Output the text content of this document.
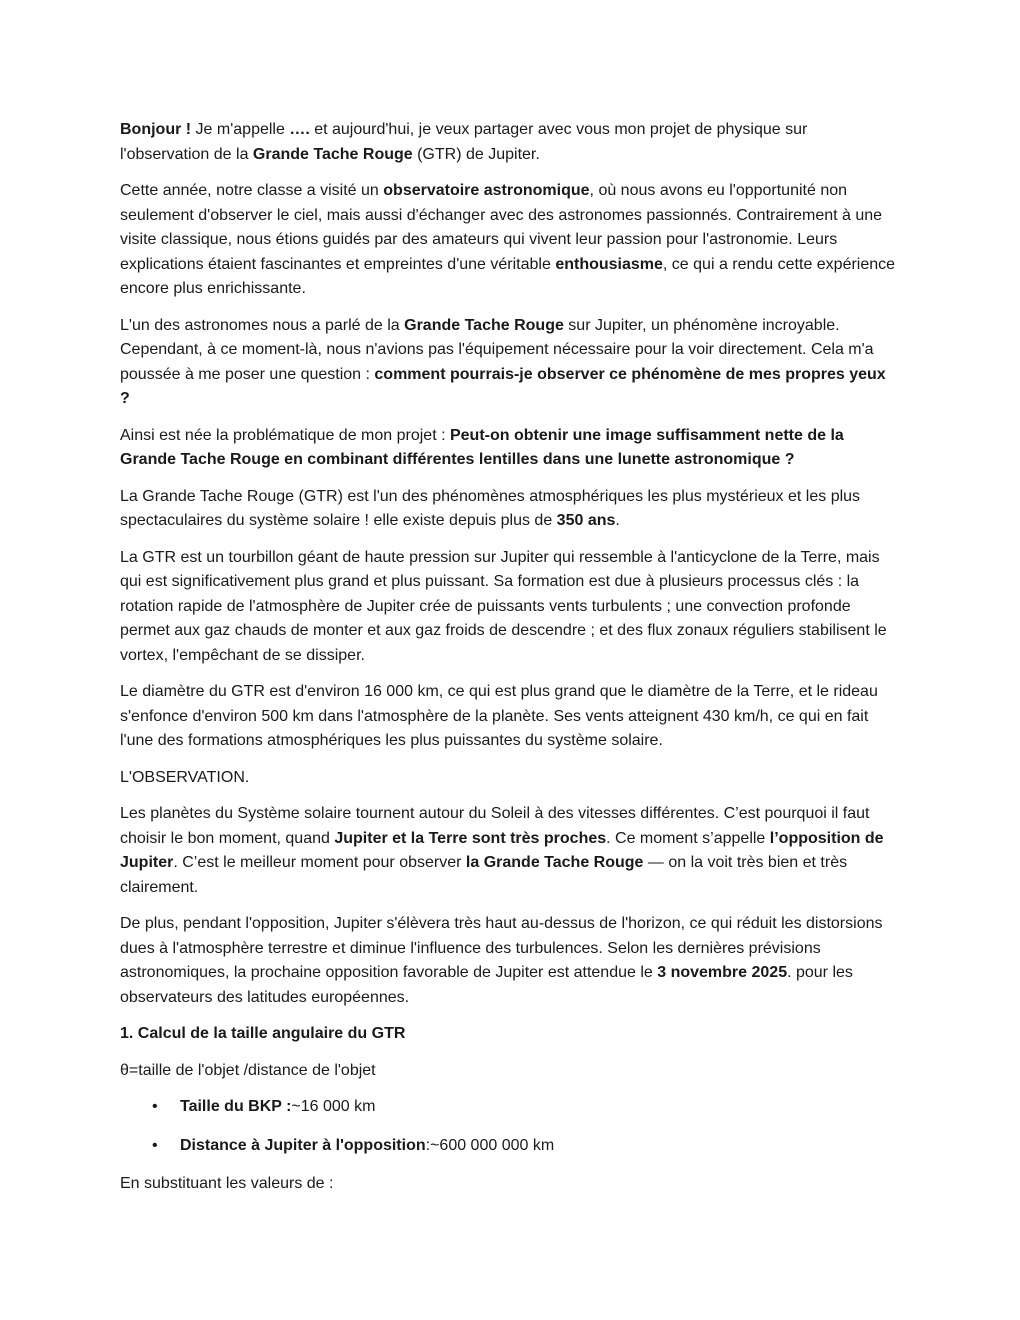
Bonjour ! Je m'appelle …. et aujourd'hui, je veux partager avec vous mon projet de physique sur l'observation de la Grande Tache Rouge (GTR) de Jupiter.

Cette année, notre classe a visité un observatoire astronomique, où nous avons eu l'opportunité non seulement d'observer le ciel, mais aussi d'échanger avec des astronomes passionnés. Contrairement à une visite classique, nous étions guidés par des amateurs qui vivent leur passion pour l'astronomie. Leurs explications étaient fascinantes et empreintes d'une véritable enthousiasme, ce qui a rendu cette expérience encore plus enrichissante.

L'un des astronomes nous a parlé de la Grande Tache Rouge sur Jupiter, un phénomène incroyable. Cependant, à ce moment-là, nous n'avions pas l'équipement nécessaire pour la voir directement. Cela m'a poussée à me poser une question : comment pourrais-je observer ce phénomène de mes propres yeux ?

Ainsi est née la problématique de mon projet : Peut-on obtenir une image suffisamment nette de la Grande Tache Rouge en combinant différentes lentilles dans une lunette astronomique ?

La Grande Tache Rouge (GTR) est l'un des phénomènes atmosphériques les plus mystérieux et les plus spectaculaires du système solaire ! elle existe depuis plus de 350 ans.

La GTR est un tourbillon géant de haute pression sur Jupiter qui ressemble à l'anticyclone de la Terre, mais qui est significativement plus grand et plus puissant. Sa formation est due à plusieurs processus clés : la rotation rapide de l'atmosphère de Jupiter crée de puissants vents turbulents ; une convection profonde permet aux gaz chauds de monter et aux gaz froids de descendre ; et des flux zonaux réguliers stabilisent le vortex, l'empêchant de se dissiper.

Le diamètre du GTR est d'environ 16 000 km, ce qui est plus grand que le diamètre de la Terre, et le rideau s'enfonce d'environ 500 km dans l'atmosphère de la planète. Ses vents atteignent 430 km/h, ce qui en fait l'une des formations atmosphériques les plus puissantes du système solaire.

L'OBSERVATION.

Les planètes du Système solaire tournent autour du Soleil à des vitesses différentes. C’est pourquoi il faut choisir le bon moment, quand Jupiter et la Terre sont très proches. Ce moment s’appelle l’opposition de Jupiter. C’est le meilleur moment pour observer la Grande Tache Rouge — on la voit très bien et très clairement.

De plus, pendant l'opposition, Jupiter s'élèvera très haut au-dessus de l'horizon, ce qui réduit les distorsions dues à l'atmosphère terrestre et diminue l'influence des turbulences. Selon les dernières prévisions astronomiques, la prochaine opposition favorable de Jupiter est attendue le 3 novembre 2025. pour les observateurs des latitudes européennes.

1. Calcul de la taille angulaire du GTR

θ=taille de l'objet /distance de l'objet

• Taille du BKP :~16 000 km
• Distance à Jupiter à l'opposition:~600 000 000 km

En substituant les valeurs de :
